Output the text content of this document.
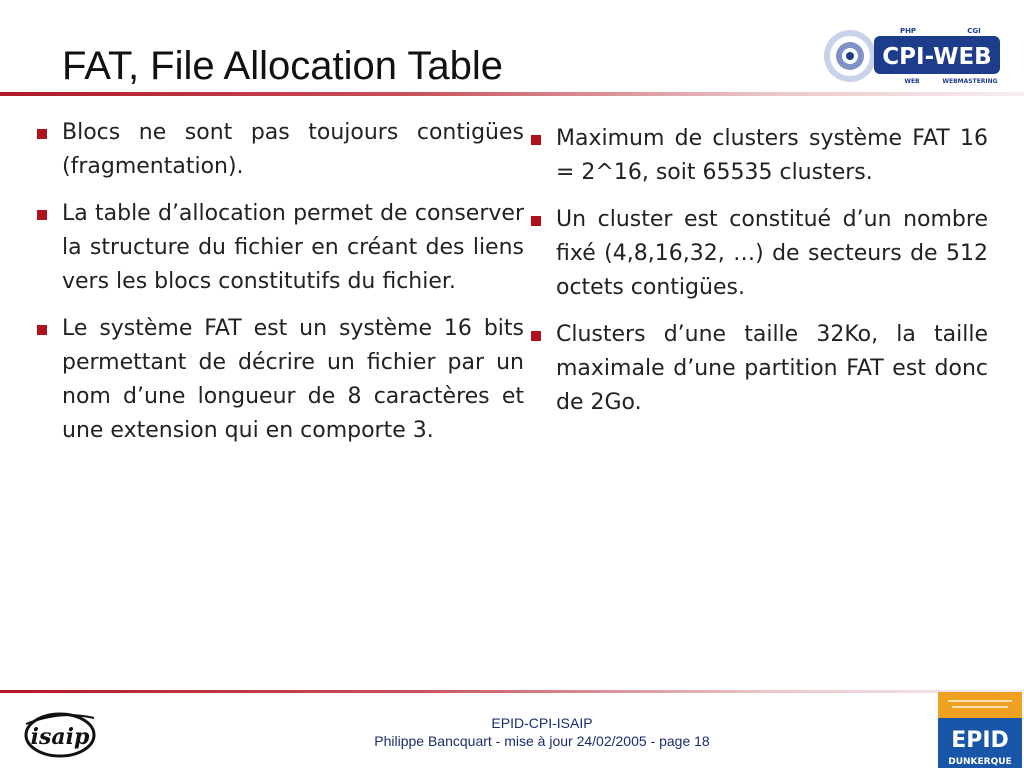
FAT, File Allocation Table	CPI-WEB
PHP	CGI
WEB	WEBMASTERING
Blocs ne sont pas toujours contigües (fragmentation).
La table d’allocation permet de conserver la structure du fichier en créant des liens vers les blocs constitutifs du fichier.
Le système FAT est un système 16 bits permettant de décrire un fichier par un nom d’une longueur de 8 caractères et une extension qui en comporte 3.
Maximum de clusters système FAT 16 = 2^16, soit 65535 clusters.
Un cluster est constitué d’un nombre fixé (4,8,16,32, …) de secteurs de 512 octets contigües.
Clusters d’une taille 32Ko, la taille maximale d’une partition FAT est donc de 2Go.
isaip
EPID-CPI-ISAIP
Philippe Bancquart - mise à jour 24/02/2005 - page 18	EPID
DUNKERQUE
